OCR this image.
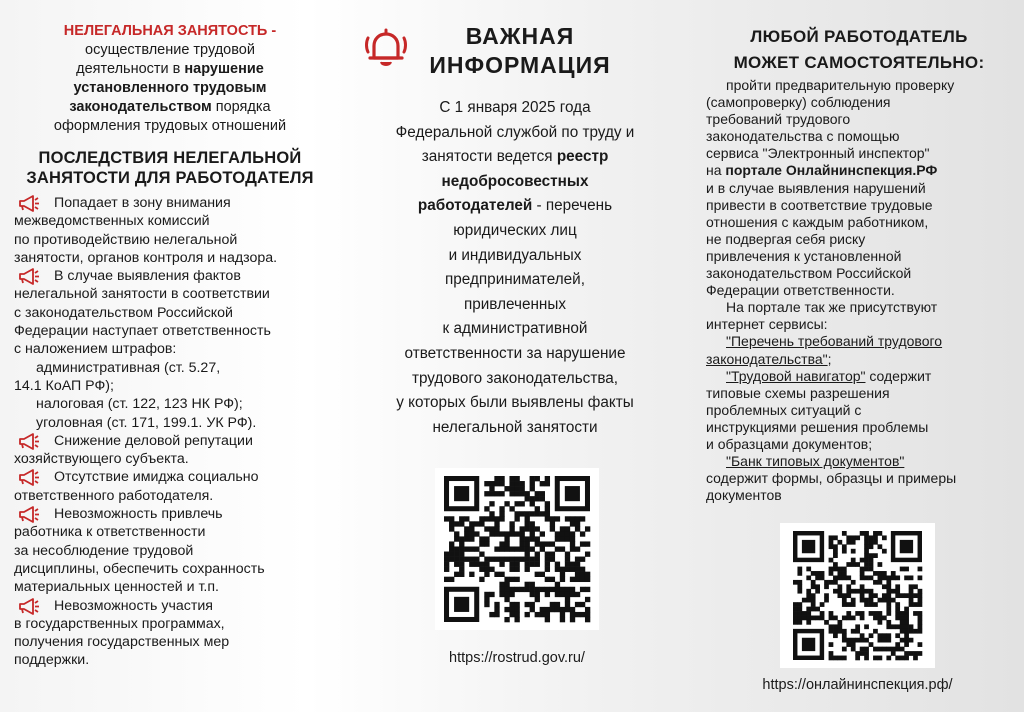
НЕЛЕГАЛЬНАЯ ЗАНЯТОСТЬ -
осуществление трудовой
деятельности в нарушение
установленного трудовым
законодательством порядка
оформления трудовых отношений
ПОСЛЕДСТВИЯ НЕЛЕГАЛЬНОЙ
ЗАНЯТОСТИ ДЛЯ РАБОТОДАТЕЛЯ
Попадает в зону внимания
межведомственных комиссий
по противодействию нелегальной
занятости, органов контроля и надзора.
В случае выявления фактов
нелегальной занятости в соответствии
с законодательством Российской
Федерации наступает ответственность
с наложением штрафов:
административная (ст. 5.27,
14.1 КоАП РФ);
налоговая (ст. 122, 123 НК РФ);
уголовная (ст. 171, 199.1. УК РФ).
Снижение деловой репутации
хозяйствующего субъекта.
Отсутствие имиджа социально
ответственного работодателя.
Невозможность привлечь
работника к ответственности
за несоблюдение трудовой
дисциплины, обеспечить сохранность
материальных ценностей и т.п.
Невозможность участия
в государственных программах,
получения государственных мер
поддержки.
ВАЖНАЯ
ИНФОРМАЦИЯ
С 1 января 2025 года
Федеральной службой по труду и
занятости ведется реестр
недобросовестных
работодателей - перечень
юридических лиц
и индивидуальных
предпринимателей,
привлеченных
к административной
ответственности за нарушение
трудового законодательства,
у которых были выявлены факты
нелегальной занятости
https://rostrud.gov.ru/
ЛЮБОЙ РАБОТОДАТЕЛЬ
МОЖЕТ САМОСТОЯТЕЛЬНО:
пройти предварительную проверку
(самопроверку) соблюдения
требований трудового
законодательства с помощью
сервиса "Электронный инспектор"
на портале Онлайнинспекция.РФ
и в случае выявления нарушений
привести в соответствие трудовые
отношения с каждым работником,
не подвергая себя риску
привлечения к установленной
законодательством Российской
Федерации ответственности.
На портале так же присутствуют
интернет сервисы:
"Перечень требований трудового
законодательства";
"Трудовой навигатор" содержит
типовые схемы разрешения
проблемных ситуаций с
инструкциями решения проблемы
и образцами документов;
"Банк типовых документов"
содержит формы, образцы и примеры
документов
https://онлайнинспекция.рф/
